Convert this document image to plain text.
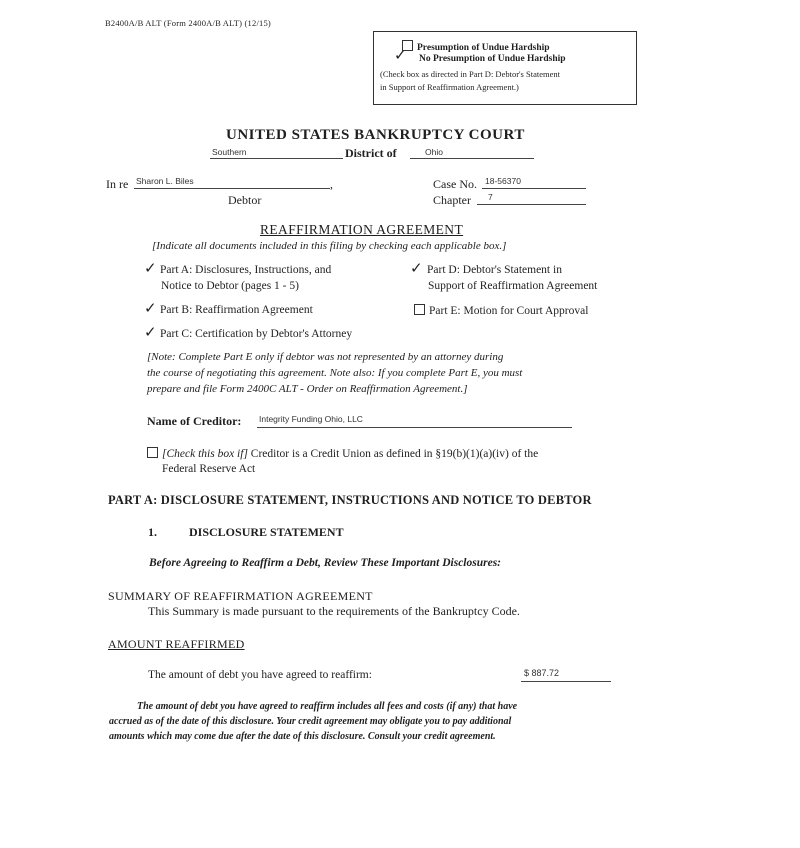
B2400A/B ALT (Form 2400A/B ALT) (12/15)
Presumption of Undue Hardship
✓ No Presumption of Undue Hardship
(Check box as directed in Part D: Debtor's Statement
in Support of Reaffirmation Agreement.)
UNITED STATES BANKRUPTCY COURT
Southern	District of	Ohio
In re Sharon L. Biles	,
Debtor
Case No. 18-56370
Chapter 7
REAFFIRMATION AGREEMENT
[Indicate all documents included in this filing by checking each applicable box.]
✓ Part A: Disclosures, Instructions, and
Notice to Debtor (pages 1 - 5)
✓ Part D: Debtor's Statement in
Support of Reaffirmation Agreement
✓ Part B: Reaffirmation Agreement	Part E: Motion for Court Approval
✓ Part C: Certification by Debtor's Attorney
[Note: Complete Part E only if debtor was not represented by an attorney during
the course of negotiating this agreement. Note also: If you complete Part E, you must
prepare and file Form 2400C ALT - Order on Reaffirmation Agreement.]
Name of Creditor: Integrity Funding Ohio, LLC
[Check this box if] Creditor is a Credit Union as defined in §19(b)(1)(a)(iv) of the
Federal Reserve Act
PART A: DISCLOSURE STATEMENT, INSTRUCTIONS AND NOTICE TO DEBTOR
1.	DISCLOSURE STATEMENT
Before Agreeing to Reaffirm a Debt, Review These Important Disclosures:
SUMMARY OF REAFFIRMATION AGREEMENT
This Summary is made pursuant to the requirements of the Bankruptcy Code.
AMOUNT REAFFIRMED
The amount of debt you have agreed to reaffirm:	$ 887.72
The amount of debt you have agreed to reaffirm includes all fees and costs (if any) that have
accrued as of the date of this disclosure. Your credit agreement may obligate you to pay additional
amounts which may come due after the date of this disclosure. Consult your credit agreement.
